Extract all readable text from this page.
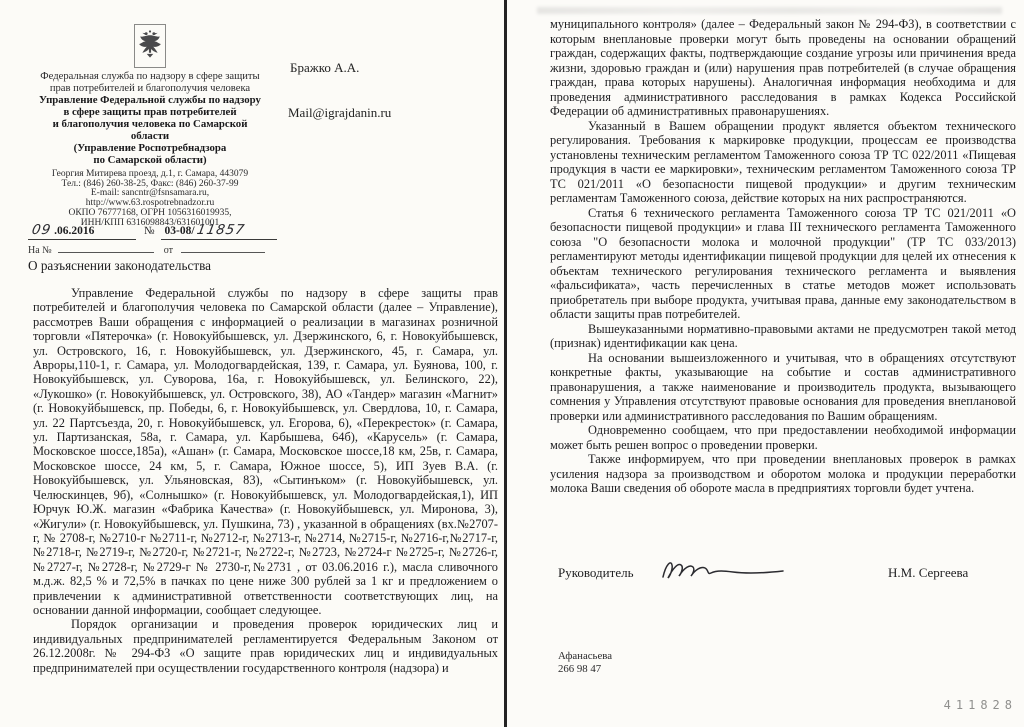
Федеральная служба по надзору в сфере защиты
прав потребителей и благополучия человека
Управление Федеральной службы по надзору
в сфере защиты прав потребителей
и благополучия человека по Самарской
области
(Управление Роспотребнадзора
по Самарской области)
Георгия Митирева проезд, д.1, г. Самара, 443079
Тел.: (846) 260-38-25, Факс: (846) 260-37-99
E-mail: sancntr@fsnsamara.ru,
http://www.63.rospotrebnadzor.ru
ОКПО 76777168, ОГРН 1056316019935,
ИНН/КПП 6316098843/631601001
Бражко А.А.
Mail@igrajdanin.ru
09 .06.2016	№ 03-08/ 11857
На №	от
О разъяснении законодательства

Управление Федеральной службы по надзору в сфере защиты прав потребителей и благополучия человека по Самарской области (далее – Управление), рассмотрев Ваши обращения с информацией о реализации в магазинах розничной торговли «Пятерочка» (г. Новокуйбышевск, ул. Дзержинского, 6, г. Новокуйбышевск, ул. Островского, 16, г. Новокуйбышевск, ул. Дзержинского, 45, г. Самара, ул. Авроры,110-1, г. Самара, ул. Молодогвардейская, 139, г. Самара, ул. Буянова, 100, г. Новокуйбышевск, ул. Суворова, 16а, г. Новокуйбышевск, ул. Белинского, 22), «Лукошко» (г. Новокуйбышевск, ул. Островского, 38), АО «Тандер» магазин «Магнит» (г. Новокуйбышевск, пр. Победы, 6, г. Новокуйбышевск, ул. Свердлова, 10, г. Самара, ул. 22 Партсъезда, 20, г. Новокуйбышевск, ул. Егорова, 6), «Перекресток» (г. Самара, ул. Партизанская, 58а, г. Самара, ул. Карбышева, 64б), «Карусель» (г. Самара, Московское шоссе,185а), «Ашан» (г. Самара, Московское шоссе,18 км, 25в, г. Самара, Московское шоссе, 24 км, 5, г. Самара, Южное шоссе, 5), ИП Зуев В.А. (г. Новокуйбышевск, ул. Ульяновская, 83), «Сытинъком» (г. Новокуйбышевск, ул. Челюскинцев, 9б), «Солнышко» (г. Новокуйбышевск, ул. Молодогвардейская,1), ИП Юрчук Ю.Ж. магазин «Фабрика Качества» (г. Новокуйбышевск, ул. Миронова, 3), «Жигули» (г. Новокуйбышевск, ул. Пушкина, 73) , указанной в обращениях (вх.№2707-г, № 2708-г, №2710-г №2711-г, №2712-г, №2713-г, №2714, №2715-г, №2716-г,№2717-г, №2718-г, №2719-г, №2720-г, №2721-г, №2722-г, №2723, №2724-г №2725-г, №2726-г, №2727-г, №2728-г, №2729-г № 2730-г,№2731 , от 03.06.2016 г.), масла сливочного м.д.ж. 82,5 % и 72,5% в пачках по цене ниже 300 рублей за 1 кг и предложением о привлечении к административной ответственности соответствующих лиц, на основании данной информации, сообщает следующее.

Порядок организации и проведения проверок юридических лиц и индивидуальных предпринимателей регламентируется Федеральным Законом от 26.12.2008г. № 294-ФЗ «О защите прав юридических лиц и индивидуальных предпринимателей при осуществлении государственного контроля (надзора) и

муниципального контроля» (далее – Федеральный закон № 294-ФЗ), в соответствии с которым внеплановые проверки могут быть проведены на основании обращений граждан, содержащих факты, подтверждающие создание угрозы или причинения вреда жизни, здоровью граждан и (или) нарушения прав потребителей (в случае обращения граждан, права которых нарушены). Аналогичная информация необходима и для проведения административного расследования в рамках Кодекса Российской Федерации об административных правонарушениях.

Указанный в Вашем обращении продукт является объектом технического регулирования. Требования к маркировке продукции, процессам ее производства установлены техническим регламентом Таможенного союза ТР ТС 022/2011 «Пищевая продукция в части ее маркировки», техническим регламентом Таможенного союза ТР ТС 021/2011 «О безопасности пищевой продукции» и другим техническим регламентам Таможенного союза, действие которых на них распространяются.

Статья 6 технического регламента Таможенного союза ТР ТС 021/2011 «О безопасности пищевой продукции» и глава III технического регламента Таможенного союза "О безопасности молока и молочной продукции" (ТР ТС 033/2013) регламентируют методы идентификации пищевой продукции для целей их отнесения к объектам технического регулирования технического регламента и выявления «фальсификата», часть перечисленных в статье методов может использовать приобретатель при выборе продукта, учитывая права, данные ему законодательством в области защиты прав потребителей.

Вышеуказанными нормативно-правовыми актами не предусмотрен такой метод (признак) идентификации как цена.

На основании вышеизложенного и учитывая, что в обращениях отсутствуют конкретные факты, указывающие на событие и состав административного правонарушения, а также наименование и производитель продукта, вызывающего сомнения у Управления отсутствуют правовые основания для проведения внеплановой проверки или административного расследования по Вашим обращениям.

Одновременно сообщаем, что при предоставлении необходимой информации может быть решен вопрос о проведении проверки.

Также информируем, что при проведении внеплановых проверок в рамках усиления надзора за производством и оборотом молока и продукции переработки молока Ваши сведения об обороте масла в предприятиях торговли будет учтена.

Руководитель	Н.М. Сергеева
Афанасьева
266 98 47
411828
